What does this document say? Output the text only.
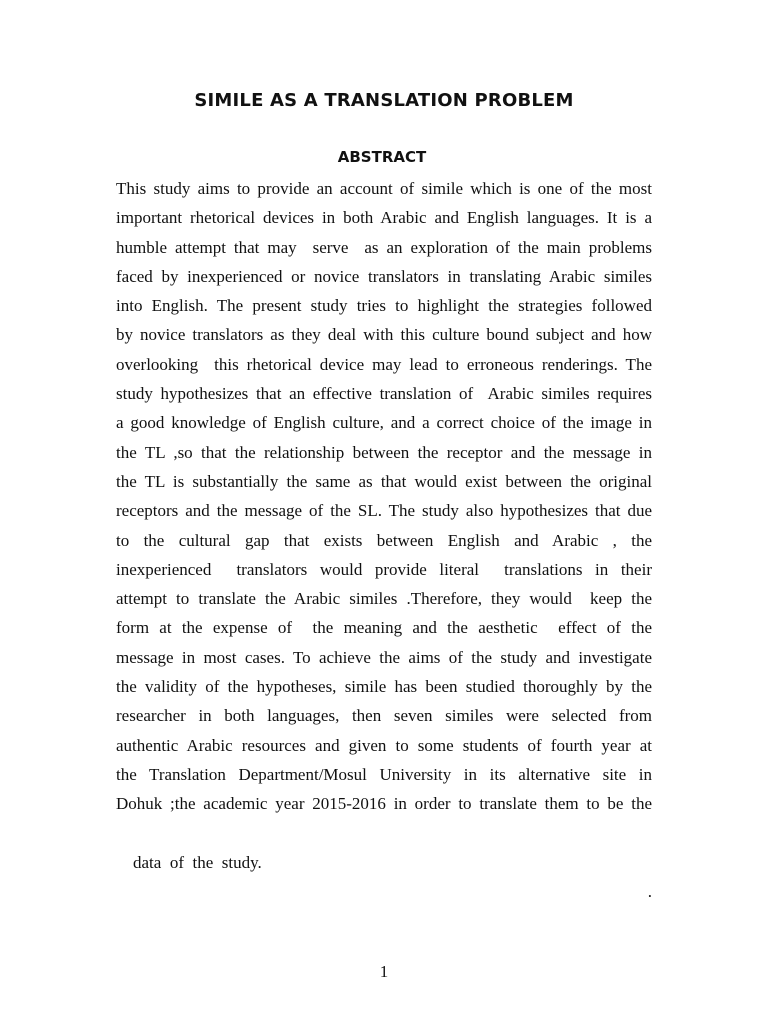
SIMILE AS A TRANSLATION PROBLEM
ABSTRACT
This study aims to provide an account of simile which is one of the most
important rhetorical devices in both Arabic and English languages. It is a
humble attempt that may  serve  as an exploration of the main problems
faced by inexperienced or novice translators in translating Arabic similes
into English. The present study tries to highlight the strategies followed
by novice translators as they deal with this culture bound subject and how
overlooking  this rhetorical device may lead to erroneous renderings. The
study hypothesizes that an effective translation of  Arabic similes requires
a good knowledge of English culture, and a correct choice of the image in
the TL ,so that the relationship between the receptor and the message in
the TL is substantially the same as that would exist between the original
receptors and the message of the SL. The study also hypothesizes that due
to the cultural gap that exists between English and Arabic , the
inexperienced  translators would provide literal  translations in their
attempt to translate the Arabic similes .Therefore, they would  keep the
form at the expense of  the meaning and the aesthetic  effect of the
message in most cases. To achieve the aims of the study and investigate
the validity of the hypotheses, simile has been studied thoroughly by the
researcher in both languages, then seven similes were selected from
authentic Arabic resources and given to some students of fourth year at
the Translation Department/Mosul University in its alternative site in
Dohuk ;the academic year 2015-2016 in order to translate them to be the

data  of  the  study.

.

1
